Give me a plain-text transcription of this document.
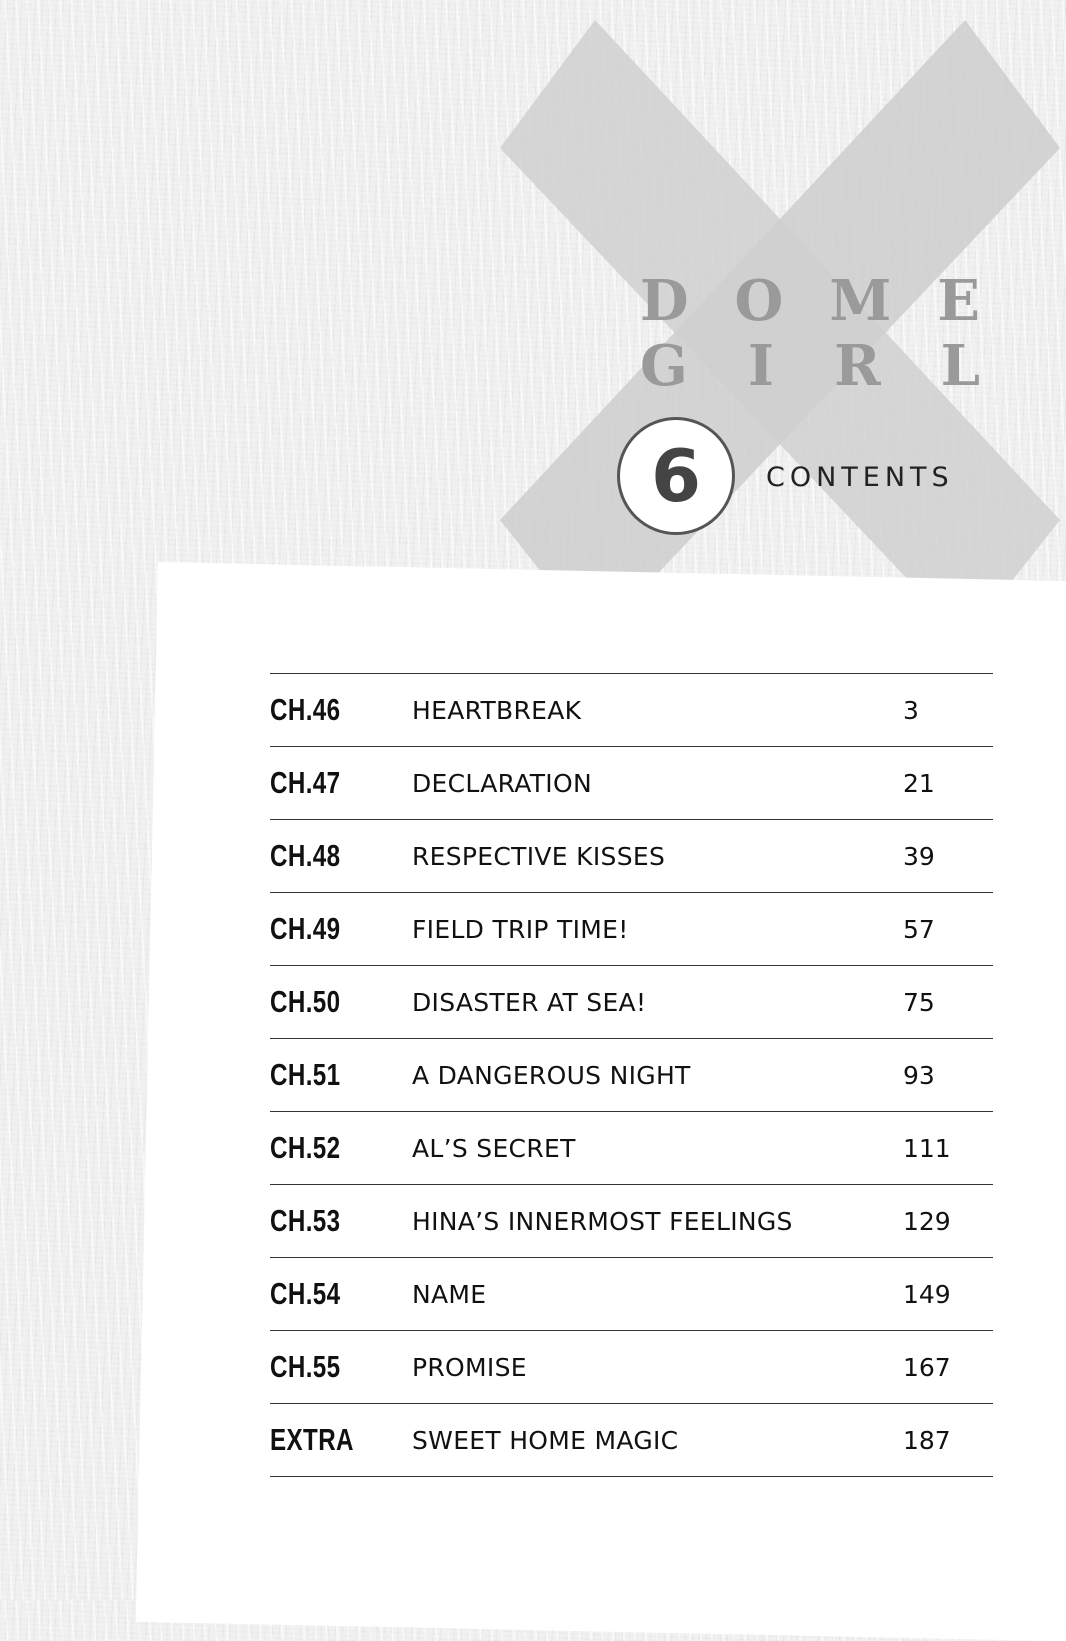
D O M E
G I R L
6	CONTENTS
CH.46	HEARTBREAK	3
CH.47	DECLARATION	21
CH.48	RESPECTIVE KISSES	39
CH.49	FIELD TRIP TIME!	57
CH.50	DISASTER AT SEA!	75
CH.51	A DANGEROUS NIGHT	93
CH.52	AL’S SECRET	111
CH.53	HINA’S INNERMOST FEELINGS	129
CH.54	NAME	149
CH.55	PROMISE	167
EXTRA	SWEET HOME MAGIC	187
